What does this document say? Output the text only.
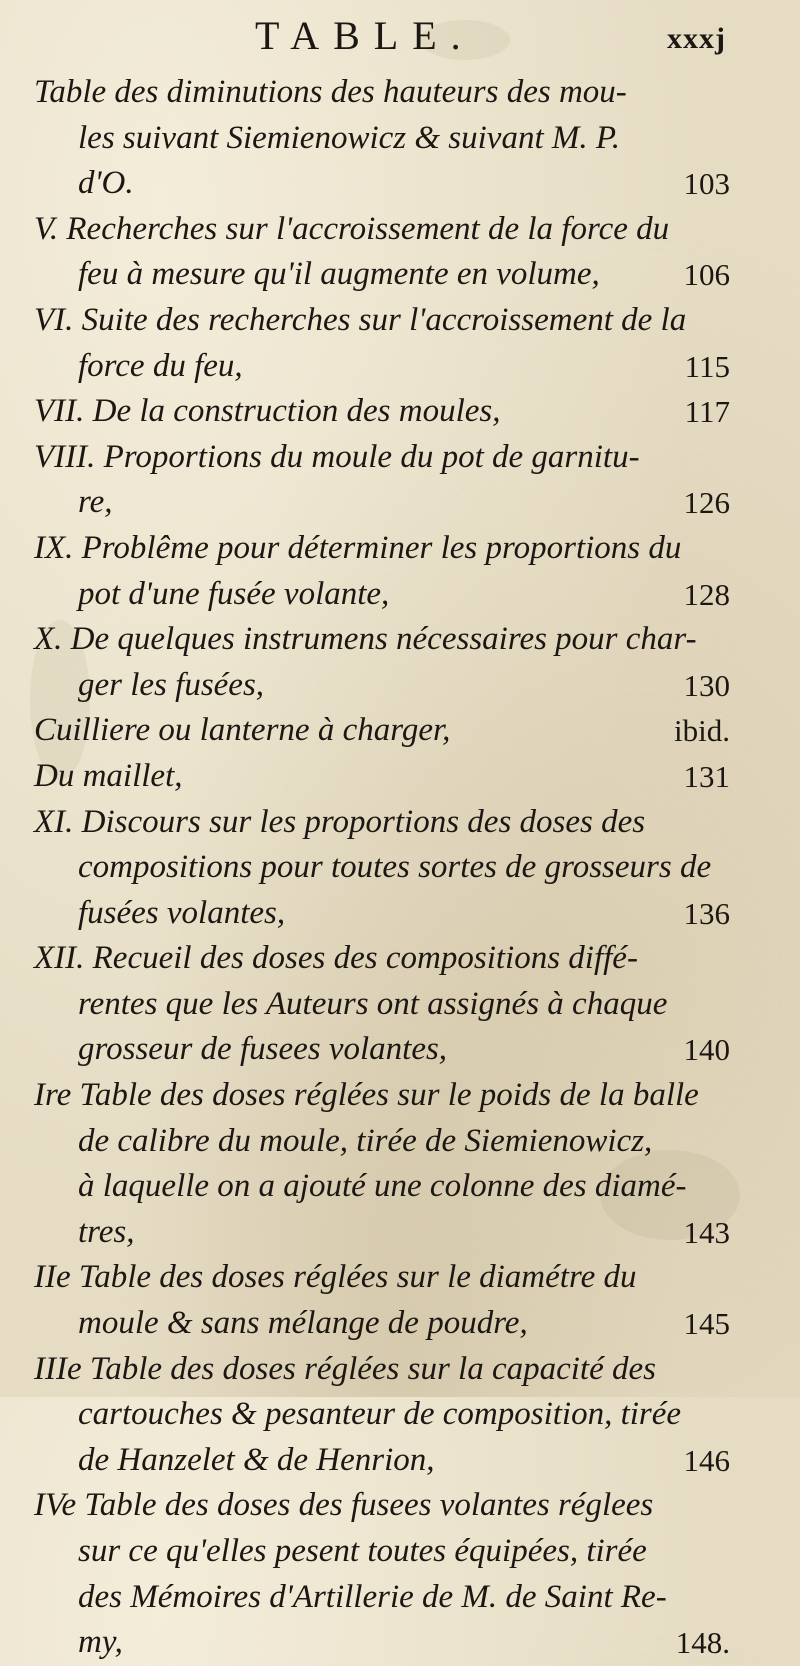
TABLE.	xxxj
Table des diminutions des hauteurs des mou-
les suivant Siemienowicz & suivant M. P.
d'O.	103
V. Recherches sur l'accroissement de la force du
feu à mesure qu'il augmente en volume,	106
VI. Suite des recherches sur l'accroissement de la
force du feu,	115
VII. De la construction des moules,	117
VIII. Proportions du moule du pot de garnitu-
re,	126
IX. Problême pour déterminer les proportions du
pot d'une fusée volante,	128
X. De quelques instrumens nécessaires pour char-
ger les fusées,	130
Cuilliere ou lanterne à charger,	ibid.
Du maillet,	131
XI. Discours sur les proportions des doses des
compositions pour toutes sortes de grosseurs de
fusées volantes,	136
XII. Recueil des doses des compositions diffé-
rentes que les Auteurs ont assignés à chaque
grosseur de fusees volantes,	140
Ire Table des doses réglées sur le poids de la balle
de calibre du moule, tirée de Siemienowicz,
à laquelle on a ajouté une colonne des diamé-
tres,	143
IIe Table des doses réglées sur le diamétre du
moule & sans mélange de poudre,	145
IIIe Table des doses réglées sur la capacité des
cartouches & pesanteur de composition, tirée
de Hanzelet & de Henrion,	146
IVe Table des doses des fusees volantes réglees
sur ce qu'elles pesent toutes équipées, tirée
des Mémoires d'Artillerie de M. de Saint Re-
my,	148.
